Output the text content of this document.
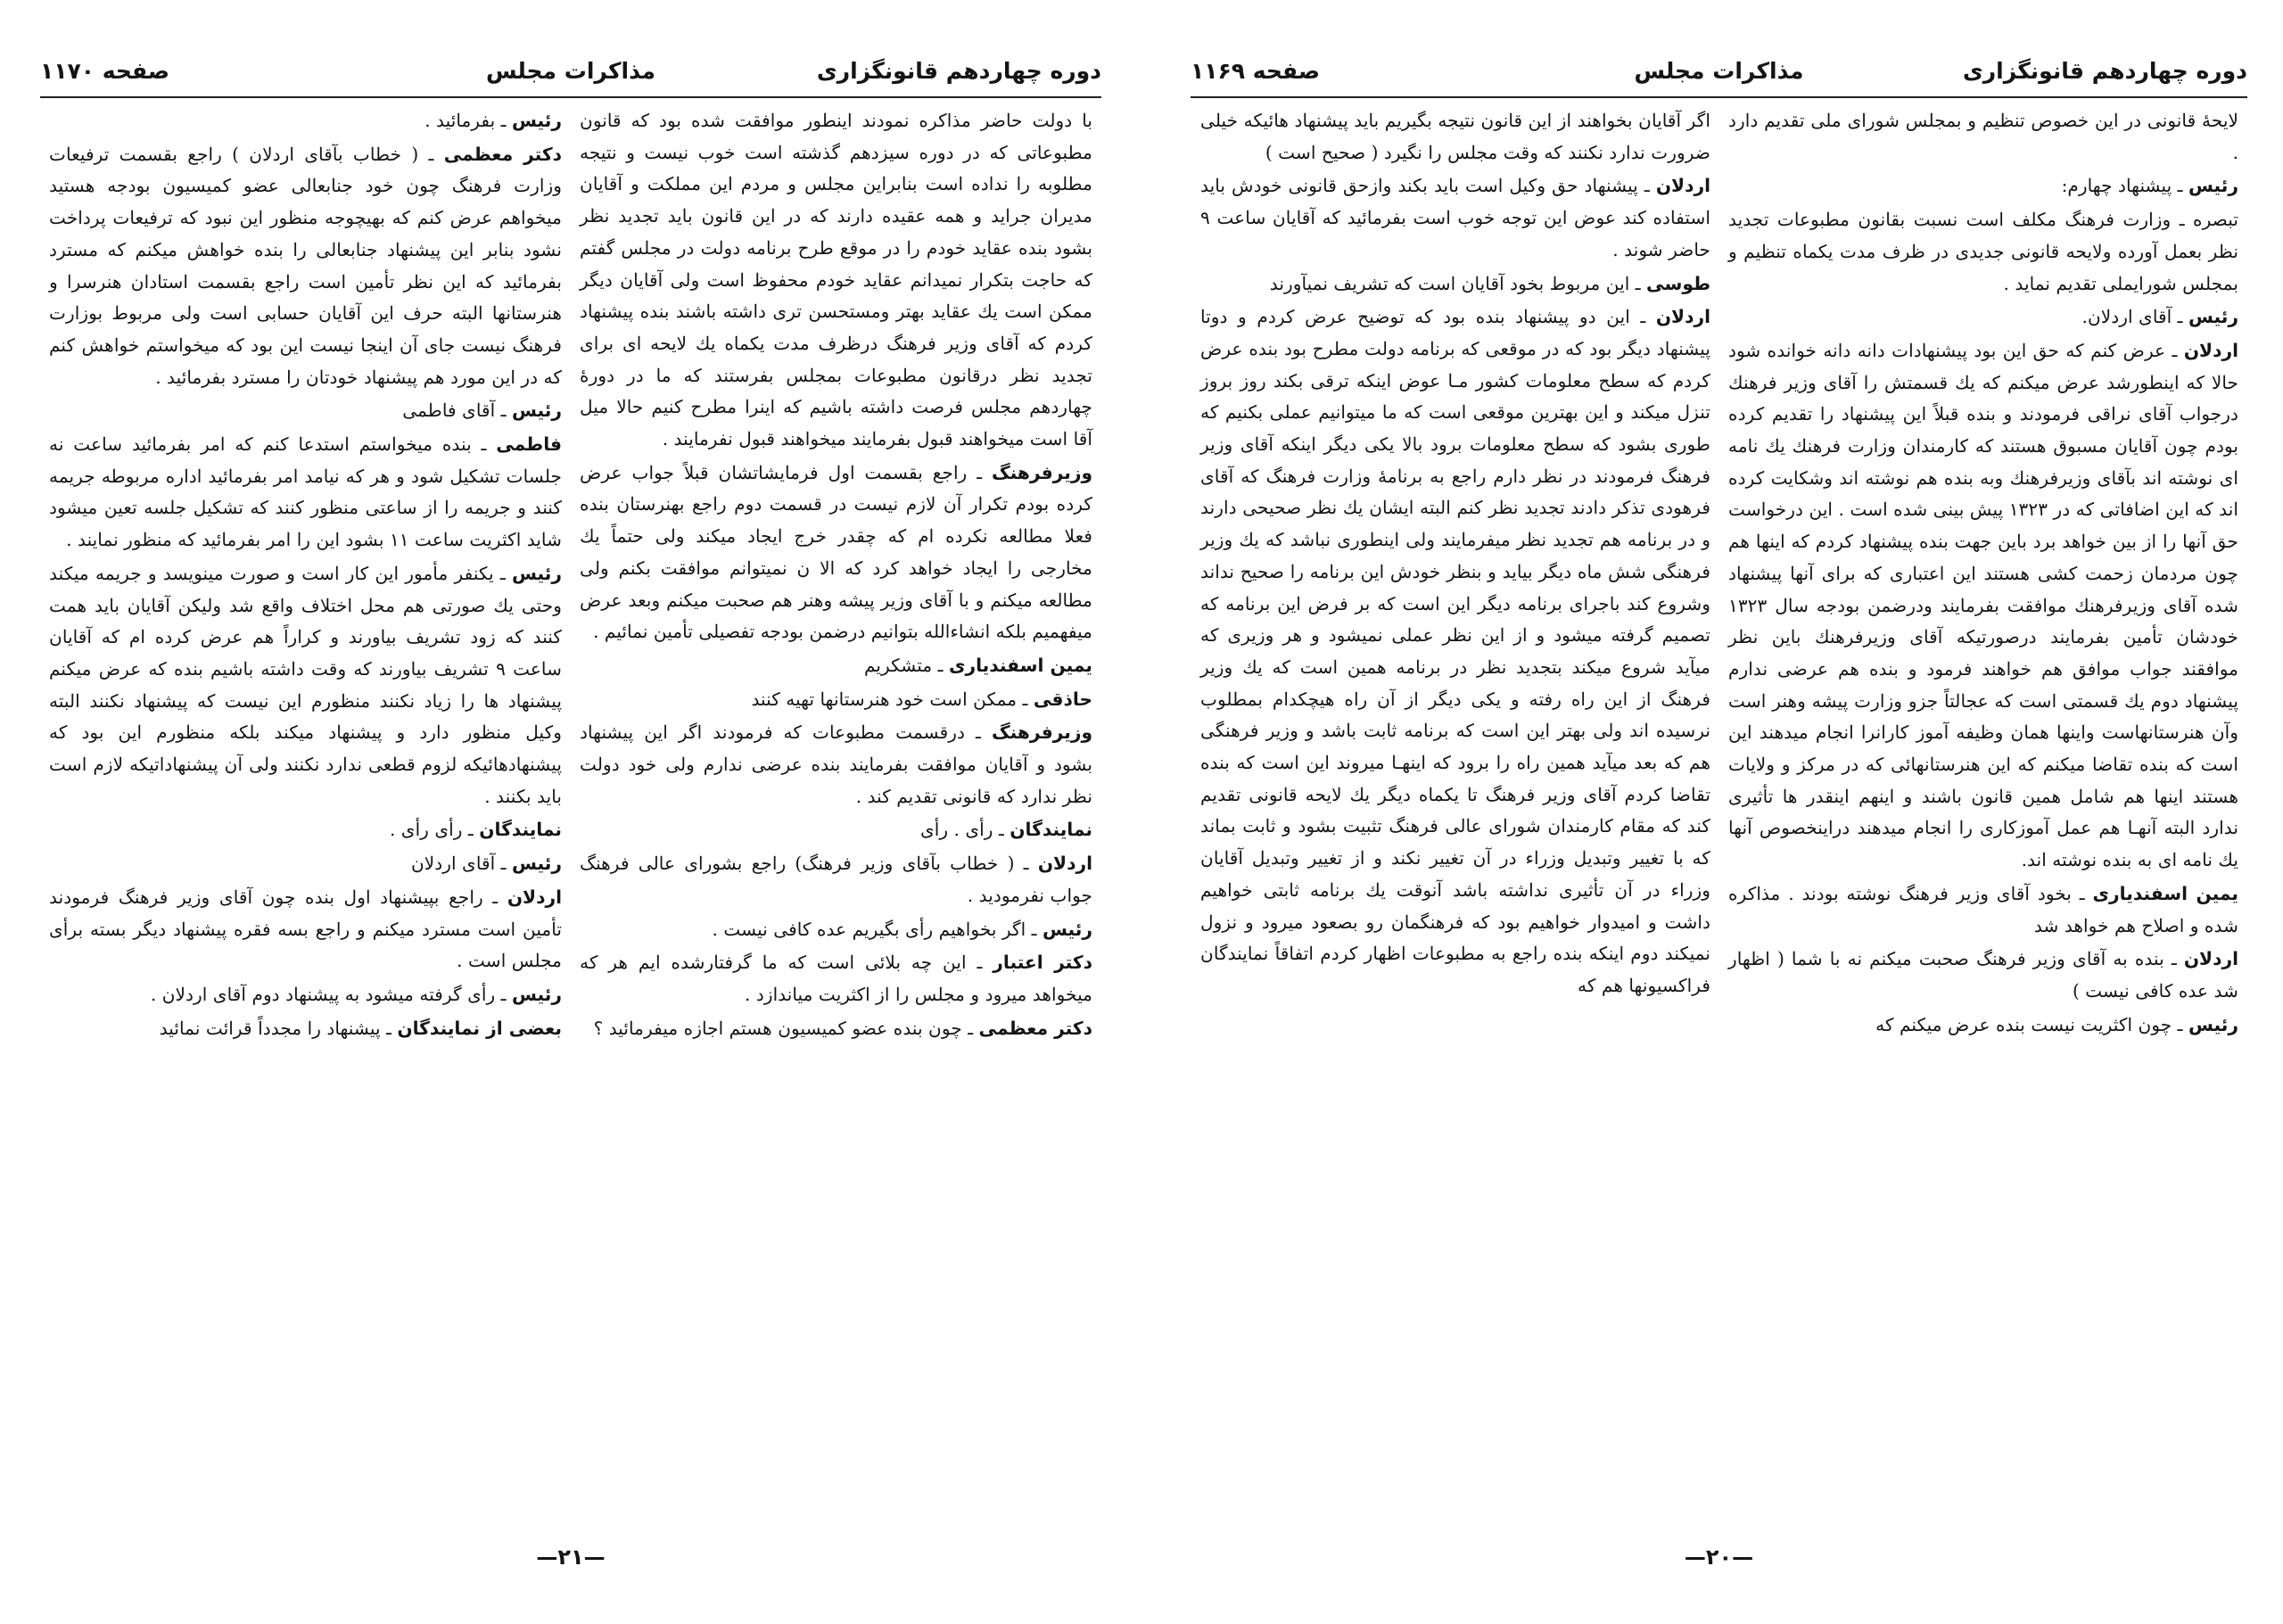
دوره چهاردهم قانونگزاری
مذاکرات مجلس
صفحه ۱۱۶۹

لایحهٔ قانونی در این خصوص تنظیم و بمجلس شورای ملی تقدیم دارد .

رئیس ـ پیشنهاد چهارم:

تبصره ـ وزارت فرهنگ مکلف است نسبت بقانون مطبوعات تجدید نظر بعمل آورده ولایحه قانونی جدیدی در ظرف مدت یکماه تنظیم و بمجلس شورایملی تقدیم نماید .

رئیس ـ آقای اردلان.

اردلان ـ عرض کنم که حق این بود پیشنهادات دانه دانه خوانده شود حالا که اینطورشد عرض میکنم که یك قسمتش را آقای وزیر فرهنك درجواب آقای نراقی فرمودند و بنده قبلاً این پیشنهاد را تقدیم کرده بودم چون آقایان مسبوق هستند که کارمندان وزارت فرهنك یك نامه ای نوشته اند بآقای وزیرفرهنك وبه بنده هم نوشته اند وشکایت کرده اند که این اضافاتی که در ۱۳۲۳ پیش بینی شده است . این درخواست حق آنها را از بین خواهد برد باین جهت بنده پیشنهاد کردم که اینها هم چون مردمان زحمت کشی هستند این اعتباری که برای آنها پیشنهاد شده آقای وزیرفرهنك موافقت بفرمایند ودرضمن بودجه سال ۱۳۲۳ خودشان تأمین بفرمایند درصورتیکه آقای وزیرفرهنك باین نظر موافقند جواب موافق هم خواهند فرمود و بنده هم عرضی ندارم پیشنهاد دوم یك قسمتی است که عجالتاً جزو وزارت پیشه وهنر است وآن هنرستانهاست واینها همان وظیفه آموز کارانرا انجام میدهند این است که بنده تقاضا میکنم که این هنرستانهائی که در مرکز و ولایات هستند اینها هم شامل همین قانون باشند و اینهم اینقدر ها تأثیری ندارد البته آنهـا هم عمل آموزکاری را انجام میدهند دراینخصوص آنها یك نامه ای به بنده نوشته اند.

یمین اسفندیاری ـ بخود آقای وزیر فرهنگ نوشته بودند . مذاکره شده و اصلاح هم خواهد شد

اردلان ـ بنده به آقای وزیر فرهنگ صحبت میکنم نه با شما ( اظهار شد عده کافی نیست )

رئیس ـ چون اکثریت نیست بنده عرض میکنم که

اگر آقایان بخواهند از این قانون نتیجه بگیریم باید پیشنهاد هائیکه خیلی ضرورت ندارد نکنند که وقت مجلس را نگیرد ( صحیح است )

اردلان ـ پیشنهاد حق وکیل است باید بکند وازحق قانونی خودش باید استفاده کند عوض این توجه خوب است بفرمائید که آقایان ساعت ۹ حاضر شوند .

طوسی ـ این مربوط بخود آقایان است که تشریف نمیآورند

اردلان ـ این دو پیشنهاد بنده بود که توضیح عرض کردم و دوتا پیشنهاد دیگر بود که در موقعی که برنامه دولت مطرح بود بنده عرض کردم که سطح معلومات کشور مـا عوض اینکه ترقی بکند روز بروز تنزل میکند و این بهترین موقعی است که ما میتوانیم عملی بکنیم که طوری بشود که سطح معلومات برود بالا یکی دیگر اینکه آقای وزیر فرهنگ فرمودند در نظر دارم راجع به برنامهٔ وزارت فرهنگ که آقای فرهودی تذکر دادند تجدید نظر کنم البته ایشان یك نظر صحیحی دارند و در برنامه هم تجدید نظر میفرمایند ولی اینطوری نباشد که یك وزیر فرهنگی شش ماه دیگر بیاید و بنظر خودش این برنامه را صحیح نداند وشروع کند باجرای برنامه دیگر این است که بر فرض این برنامه که تصمیم گرفته میشود و از این نظر عملی نمیشود و هر وزیری که میآید شروع میکند بتجدید نظر در برنامه همین است که یك وزیر فرهنگ از این راه رفته و یکی دیگر از آن راه هیچکدام بمطلوب نرسیده اند ولی بهتر این است که برنامه ثابت باشد و وزیر فرهنگی هم که بعد میآید همین راه را برود که اینهـا میروند این است که بنده تقاضا کردم آقای وزیر فرهنگ تا یکماه دیگر یك لایحه قانونی تقدیم کند که مقام کارمندان شورای عالی فرهنگ تثبیت بشود و ثابت بماند که با تغییر وتبدیل وزراء در آن تغییر نکند و از تغییر وتبدیل آقایان وزراء در آن تأثیری نداشته باشد آنوقت یك برنامه ثابتی خواهیم داشت و امیدوار خواهیم بود که فرهنگمان رو بصعود میرود و نزول نمیکند دوم اینکه بنده راجع به مطبوعات اظهار کردم اتفاقاً نمایندگان فراکسیونها هم که

—۲۰—
دوره چهاردهم قانونگزاری
مذاکرات مجلس
صفحه ۱۱۷۰

با دولت حاضر مذاکره نمودند اینطور موافقت شده بود که قانون مطبوعاتی که در دوره سیزدهم گذشته است خوب نیست و نتیجه مطلوبه را نداده است بنابراین مجلس و مردم این مملکت و آقایان مدیران جراید و همه عقیده دارند که در این قانون باید تجدید نظر بشود بنده عقاید خودم را در موقع طرح برنامه دولت در مجلس گفتم که حاجت بتکرار نمیدانم عقاید خودم محفوظ است ولی آقایان دیگر ممکن است یك عقاید بهتر ومستحسن تری داشته باشند بنده پیشنهاد کردم که آقای وزیر فرهنگ درظرف مدت یکماه یك لایحه ای برای تجدید نظر درقانون مطبوعات بمجلس بفرستند که ما در دورهٔ چهاردهم مجلس فرصت داشته باشیم که اینرا مطرح کنیم حالا میل آقا است میخواهند قبول بفرمایند میخواهند قبول نفرمایند .

وزیرفرهنگ ـ راجع بقسمت اول فرمایشاتشان قبلاً جواب عرض کرده بودم تکرار آن لازم نیست در قسمت دوم راجع بهنرستان بنده فعلا مطالعه نکرده ام که چقدر خرج ایجاد میکند ولی حتماً یك مخارجی را ایجاد خواهد کرد که الا ن نمیتوانم موافقت بکنم ولی مطالعه میکنم و با آقای وزیر پیشه وهنر هم صحبت میکنم وبعد عرض میفهمیم بلکه انشاءالله بتوانیم درضمن بودجه تفصیلی تأمین نمائیم .

یمین اسفندیاری ـ متشکریم

حاذقی ـ ممکن است خود هنرستانها تهیه کنند

وزیرفرهنگ ـ درقسمت مطبوعات که فرمودند اگر این پیشنهاد بشود و آقایان موافقت بفرمایند بنده عرضی ندارم ولی خود دولت نظر ندارد که قانونی تقدیم کند .

نمایندگان ـ رأی . رأی

اردلان ـ ( خطاب بآقای وزیر فرهنگ) راجع بشورای عالی فرهنگ جواب نفرمودید .

رئیس ـ اگر بخواهیم رأی بگیریم عده کافی نیست .

دکتر اعتبار ـ این چه بلائی است که ما گرفتارشده ایم هر که میخواهد میرود و مجلس را از اکثریت میاندازد .

دکتر معظمی ـ چون بنده عضو کمیسیون هستم اجازه میفرمائید ؟

رئیس ـ بفرمائید .

دکتر معظمی ـ ( خطاب بآقای اردلان ) راجع بقسمت ترفیعات وزارت فرهنگ چون خود جنابعالی عضو کمیسیون بودجه هستید میخواهم عرض کنم که بهیچوجه منظور این نبود که ترفیعات پرداخت نشود بنابر این پیشنهاد جنابعالی را بنده خواهش میکنم که مسترد بفرمائید که این نظر تأمین است راجع بقسمت استادان هنرسرا و هنرستانها البته حرف این آقایان حسابی است ولی مربوط بوزارت فرهنگ نیست جای آن اینجا نیست این بود که میخواستم خواهش کنم که در این مورد هم پیشنهاد خودتان را مسترد بفرمائید .

رئیس ـ آقای فاطمی

فاطمی ـ بنده میخواستم استدعا کنم که امر بفرمائید ساعت نه جلسات تشکیل شود و هر که نیامد امر بفرمائید اداره مربوطه جریمه کنند و جریمه را از ساعتی منظور کنند که تشکیل جلسه تعین میشود شاید اکثریت ساعت ۱۱ بشود این را امر بفرمائید که منظور نمایند .

رئیس ـ یکنفر مأمور این کار است و صورت مینویسد و جریمه میکند وحتی یك صورتی هم محل اختلاف واقع شد ولیکن آقایان باید همت کنند که زود تشریف بیاورند و کراراً هم عرض کرده ام که آقایان ساعت ۹ تشریف بیاورند که وقت داشته باشیم بنده که عرض میکنم پیشنهاد ها را زیاد نکنند منظورم این نیست که پیشنهاد نکنند البته وکیل منظور دارد و پیشنهاد میکند بلکه منظورم این بود که پیشنهادهائیکه لزوم قطعی ندارد نکنند ولی آن پیشنهاداتیکه لازم است باید بکنند .

نمایندگان ـ رأی رأی .

رئیس ـ آقای اردلان

اردلان ـ راجع بپیشنهاد اول بنده چون آقای وزیر فرهنگ فرمودند تأمین است مسترد میکنم و راجع بسه فقره پیشنهاد دیگر بسته برأی مجلس است .

رئیس ـ رأی گرفته میشود به پیشنهاد دوم آقای اردلان .

بعضی از نمایندگان ـ پیشنهاد را مجدداً قرائت نمائید

—۲۱—
